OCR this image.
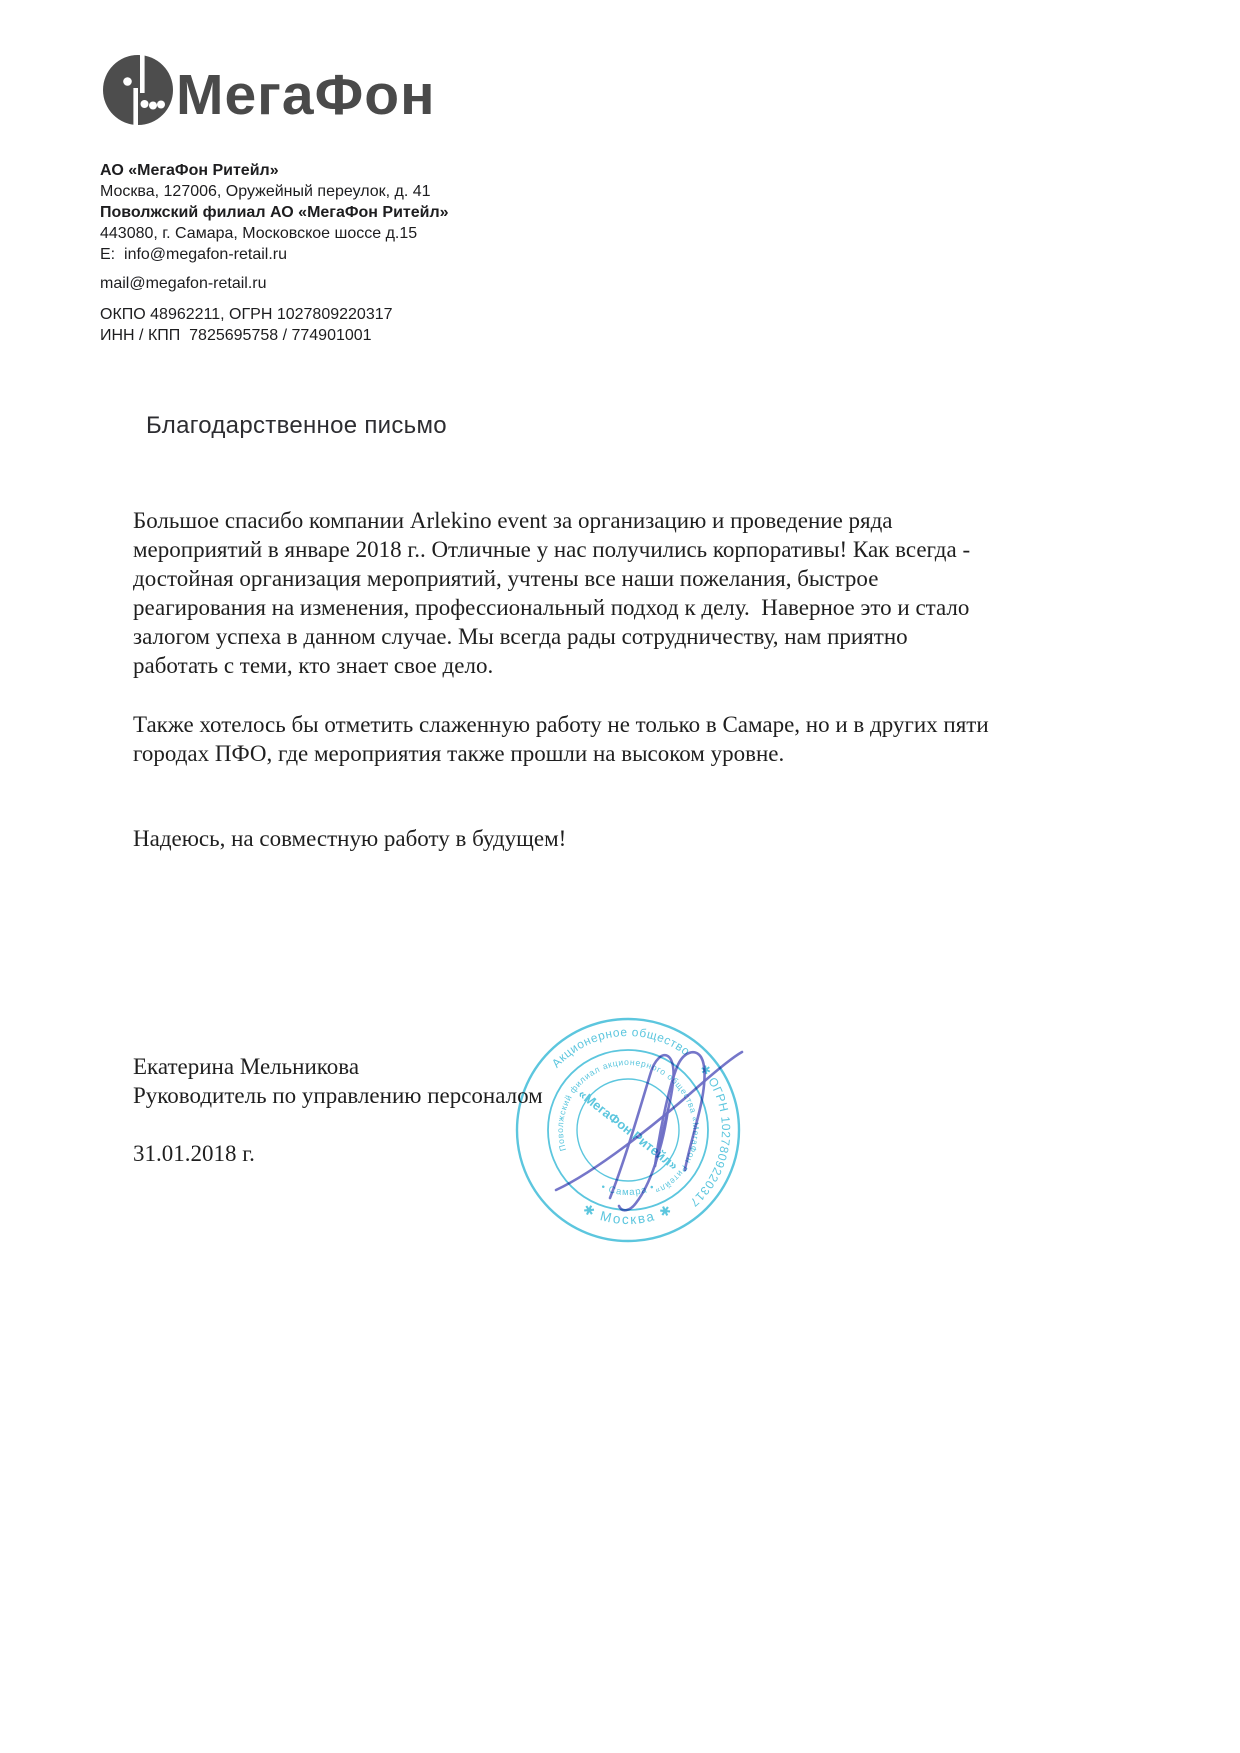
МегаФон
АО «МегаФон Ритейл»
Москва, 127006, Оружейный переулок, д. 41
Поволжский филиал АО «МегаФон Ритейл»
443080, г. Самара, Московское шоссе д.15
Е:  info@megafon-retail.ru
mail@megafon-retail.ru
ОКПО 48962211, ОГРН 1027809220317
ИНН / КПП  7825695758 / 774901001
Благодарственное письмо
Большое спасибо компании Arlekino event за организацию и проведение ряда
мероприятий в январе 2018 г.. Отличные у нас получились корпоративы! Как всегда -
достойная организация мероприятий, учтены все наши пожелания, быстрое
реагирования на изменения, профессиональный подход к делу.  Наверное это и стало
залогом успеха в данном случае. Мы всегда рады сотрудничеству, нам приятно
работать с теми, кто знает свое дело.
Также хотелось бы отметить слаженную работу не только в Самаре, но и в других пяти
городах ПФО, где мероприятия также прошли на высоком уровне.
Надеюсь, на совместную работу в будущем!
Екатерина Мельникова
Руководитель по управлению персоналом
31.01.2018 г.
Акционерное общество
✱ ОГРН 1027809220317
✱ Москва ✱
Поволжский филиал акционерного общества «МегаФон Ритейл»
• Самара •
«МегаФон Ритейл»
